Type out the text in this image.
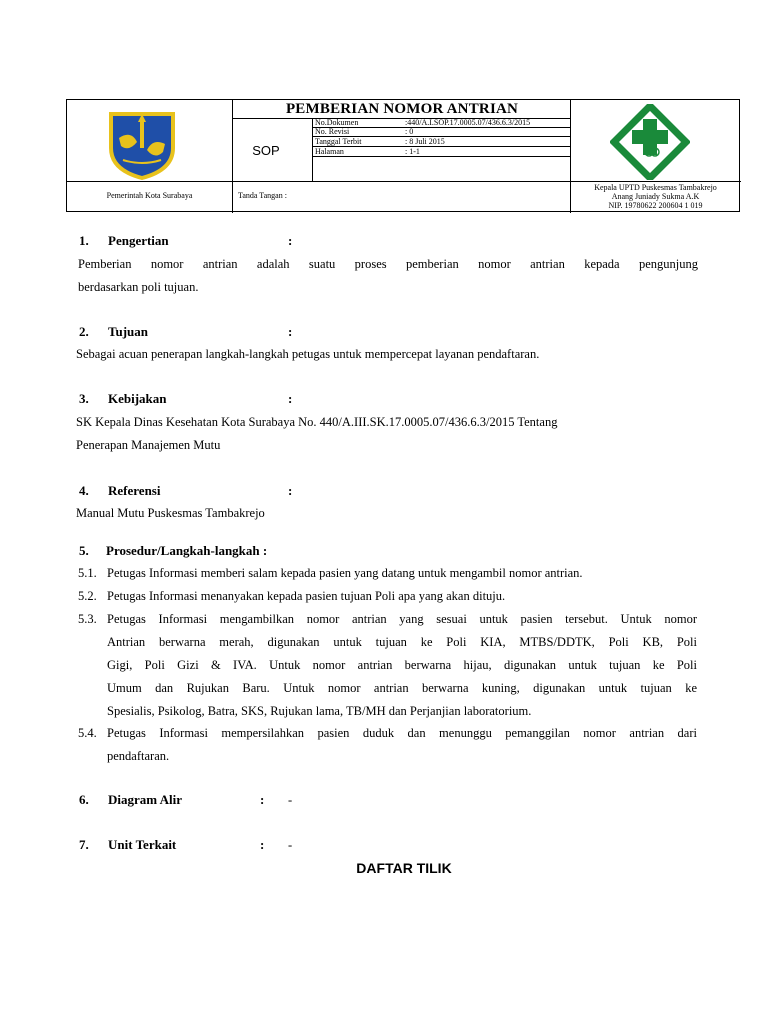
PEMBERIAN NOMOR ANTRIAN
SOP
No.Dokumen	:440/A.I.SOP.17.0005.07/436.6.3/2015
No. Revisi	: 0
Tanggal Terbit	: 8 Juli 2015
Halaman	: 1-1
Pemerintah Kota Surabaya	Tanda Tangan :
Kepala UPTD Puskesmas Tambakrejo
Anang Juniady Sukma A.K
NIP. 19780622 200604 1 019
1. Pengertian	:
Pemberian nomor antrian adalah suatu proses pemberian nomor antrian kepada pengunjung
berdasarkan poli tujuan.
2. Tujuan	:
Sebagai acuan penerapan langkah-langkah petugas untuk mempercepat layanan pendaftaran.
3. Kebijakan	:
SK Kepala Dinas Kesehatan Kota Surabaya No. 440/A.III.SK.17.0005.07/436.6.3/2015 Tentang
Penerapan Manajemen Mutu
4. Referensi	:
Manual Mutu Puskesmas Tambakrejo
5. Prosedur/Langkah-langkah :
5.1. Petugas Informasi memberi salam kepada pasien yang datang untuk mengambil nomor antrian.
5.2. Petugas Informasi menanyakan kepada pasien tujuan Poli apa yang akan dituju.
5.3. Petugas Informasi mengambilkan nomor antrian yang sesuai untuk pasien tersebut. Untuk nomor
Antrian berwarna merah, digunakan untuk tujuan ke Poli KIA, MTBS/DDTK, Poli KB, Poli
Gigi, Poli Gizi & IVA. Untuk nomor antrian berwarna hijau, digunakan untuk tujuan ke Poli
Umum dan Rujukan Baru. Untuk nomor antrian berwarna kuning, digunakan untuk tujuan ke
Spesialis, Psikolog, Batra, SKS, Rujukan lama, TB/MH dan Perjanjian laboratorium.
5.4. Petugas Informasi mempersilahkan pasien duduk dan menunggu pemanggilan nomor antrian dari
pendaftaran.
6. Diagram Alir	: -
7. Unit Terkait	: -
DAFTAR TILIK
